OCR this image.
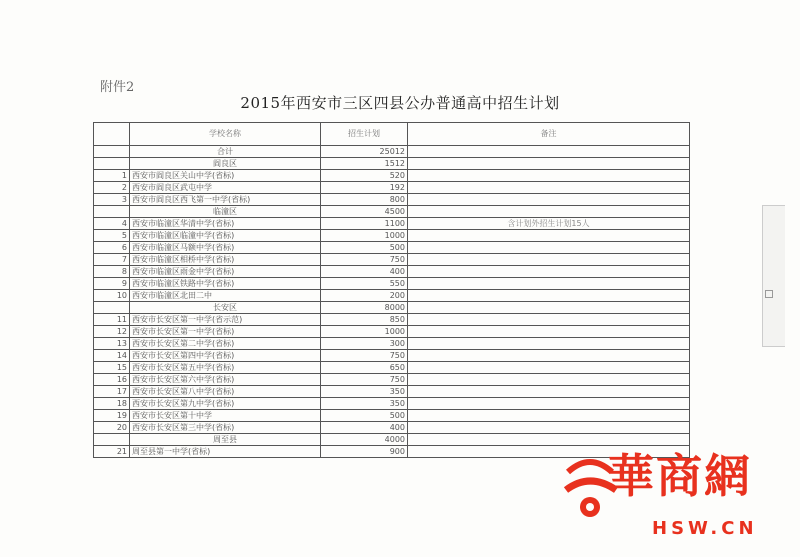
附件2
2015年西安市三区四县公办普通高中招生计划
	学校名称	招生计划	备注
	合计	25012	
	阎良区	1512	
1	西安市阎良区关山中学(省标)	520	
2	西安市阎良区武屯中学	192	
3	西安市阎良区西飞第一中学(省标)	800	
	临潼区	4500	
4	西安市临潼区华清中学(省标)	1100	含计划外招生计划15人
5	西安市临潼区临潼中学(省标)	1000	
6	西安市临潼区马额中学(省标)	500	
7	西安市临潼区相桥中学(省标)	750	
8	西安市临潼区雨金中学(省标)	400	
9	西安市临潼区铁路中学(省标)	550	
10	西安市临潼区北田二中	200	
	长安区	8000	
11	西安市长安区第一中学(省示范)	850	
12	西安市长安区第一中学(省标)	1000	
13	西安市长安区第二中学(省标)	300	
14	西安市长安区第四中学(省标)	750	
15	西安市长安区第五中学(省标)	650	
16	西安市长安区第六中学(省标)	750	
17	西安市长安区第八中学(省标)	350	
18	西安市长安区第九中学(省标)	350	
19	西安市长安区第十中学	500	
20	西安市长安区第三中学(省标)	400	
	周至县	4000	
21	周至县第一中学(省标)	900		華商網
HSW.CN
